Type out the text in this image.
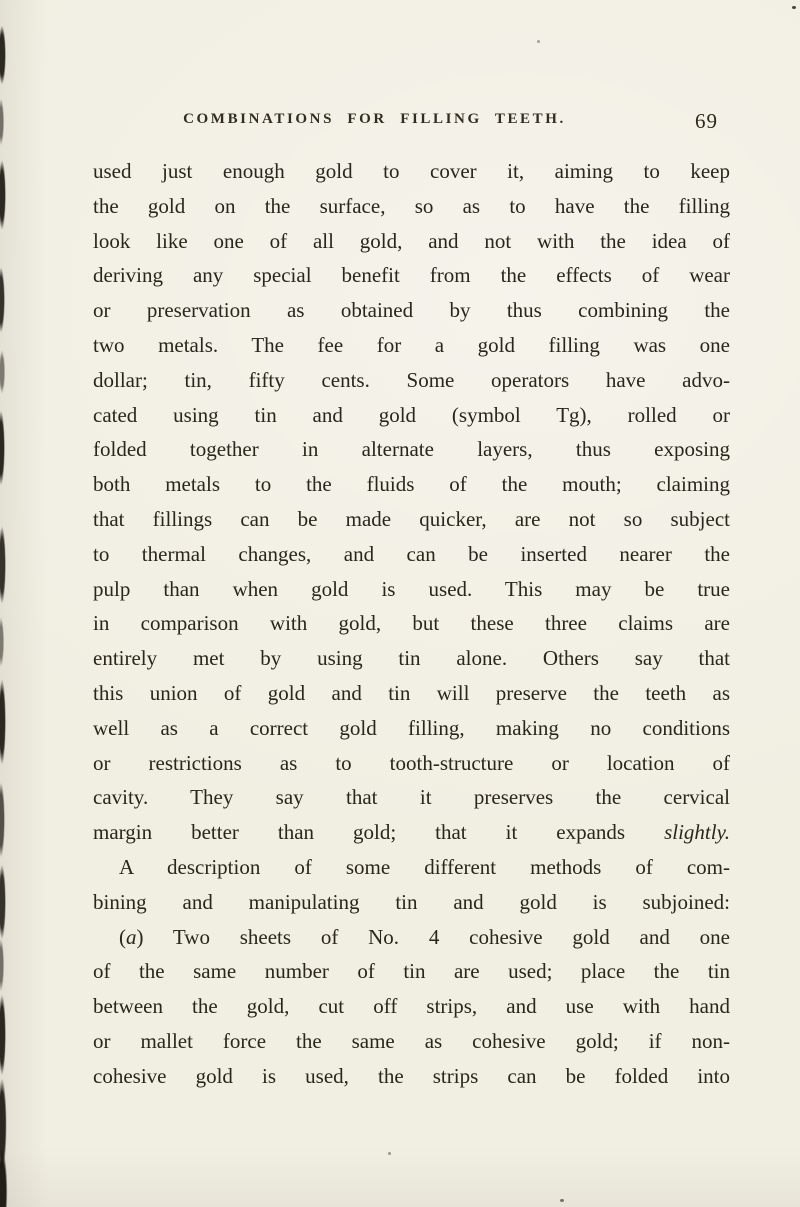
COMBINATIONS FOR FILLING TEETH.	69
used just enough gold to cover it, aiming to keep
the gold on the surface, so as to have the filling
look like one of all gold, and not with the idea of
deriving any special benefit from the effects of wear
or preservation as obtained by thus combining the
two metals. The fee for a gold filling was one
dollar; tin, fifty cents. Some operators have advo-
cated using tin and gold (symbol Tg), rolled or
folded together in alternate layers, thus exposing
both metals to the fluids of the mouth; claiming
that fillings can be made quicker, are not so subject
to thermal changes, and can be inserted nearer the
pulp than when gold is used. This may be true
in comparison with gold, but these three claims are
entirely met by using tin alone. Others say that
this union of gold and tin will preserve the teeth as
well as a correct gold filling, making no conditions
or restrictions as to tooth-structure or location of
cavity. They say that it preserves the cervical
margin better than gold; that it expands slightly.
A description of some different methods of com-
bining and manipulating tin and gold is subjoined:
(a) Two sheets of No. 4 cohesive gold and one
of the same number of tin are used; place the tin
between the gold, cut off strips, and use with hand
or mallet force the same as cohesive gold; if non-
cohesive gold is used, the strips can be folded into
